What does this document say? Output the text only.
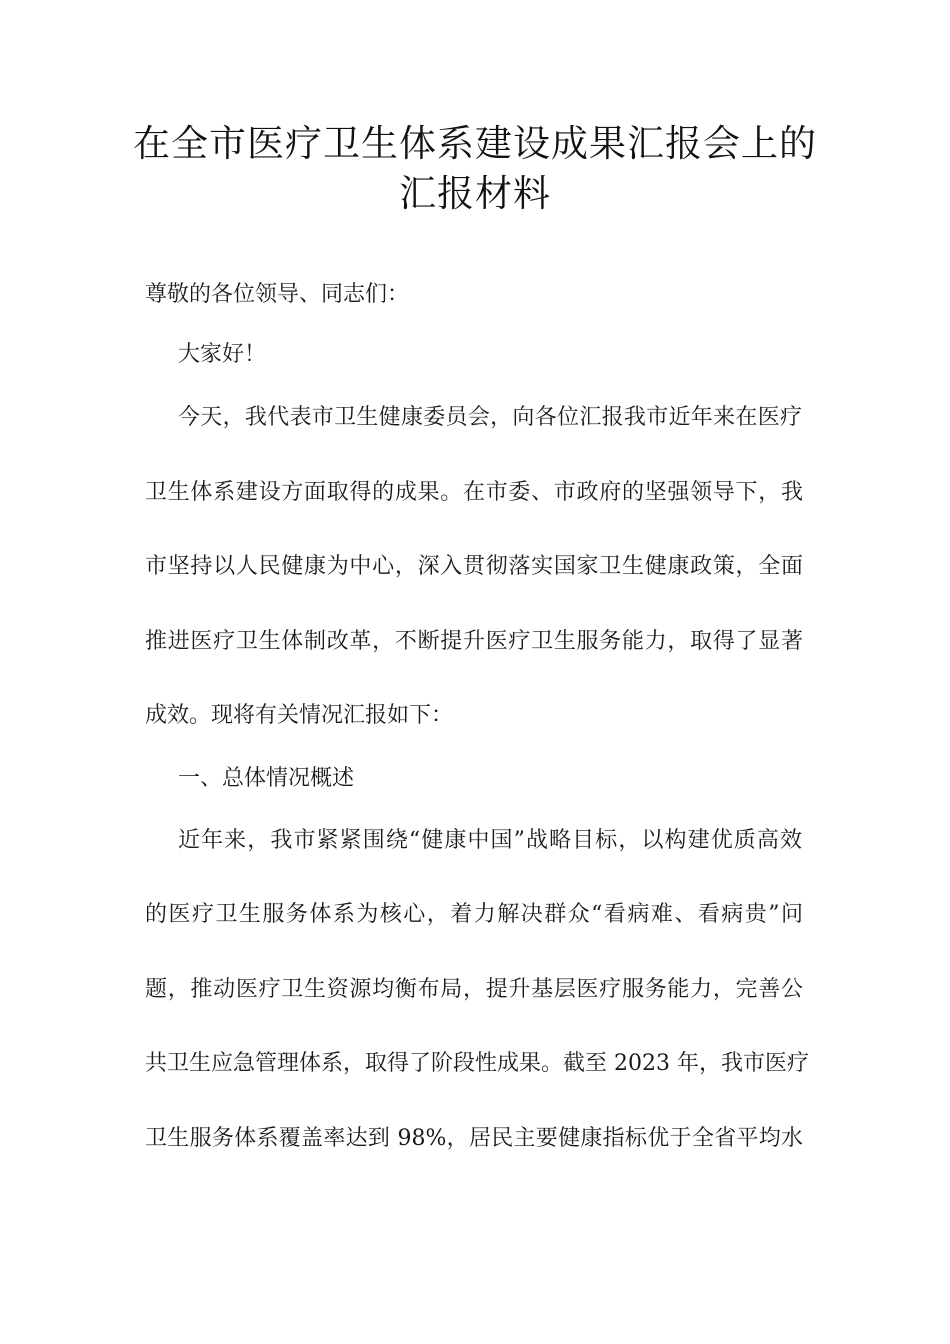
在全市医疗卫生体系建设成果汇报会上的
汇报材料
尊敬的各位领导、同志们：
大家好！
今天，我代表市卫生健康委员会，向各位汇报我市近年来在医疗
卫生体系建设方面取得的成果。在市委、市政府的坚强领导下，我
市坚持以人民健康为中心，深入贯彻落实国家卫生健康政策，全面
推进医疗卫生体制改革，不断提升医疗卫生服务能力，取得了显著
成效。现将有关情况汇报如下：
一、总体情况概述
近年来，我市紧紧围绕“健康中国”战略目标，以构建优质高效
的医疗卫生服务体系为核心，着力解决群众“看病难、看病贵”问
题，推动医疗卫生资源均衡布局，提升基层医疗服务能力，完善公
共卫生应急管理体系，取得了阶段性成果。截至 2023 年，我市医疗
卫生服务体系覆盖率达到 98%，居民主要健康指标优于全省平均水
